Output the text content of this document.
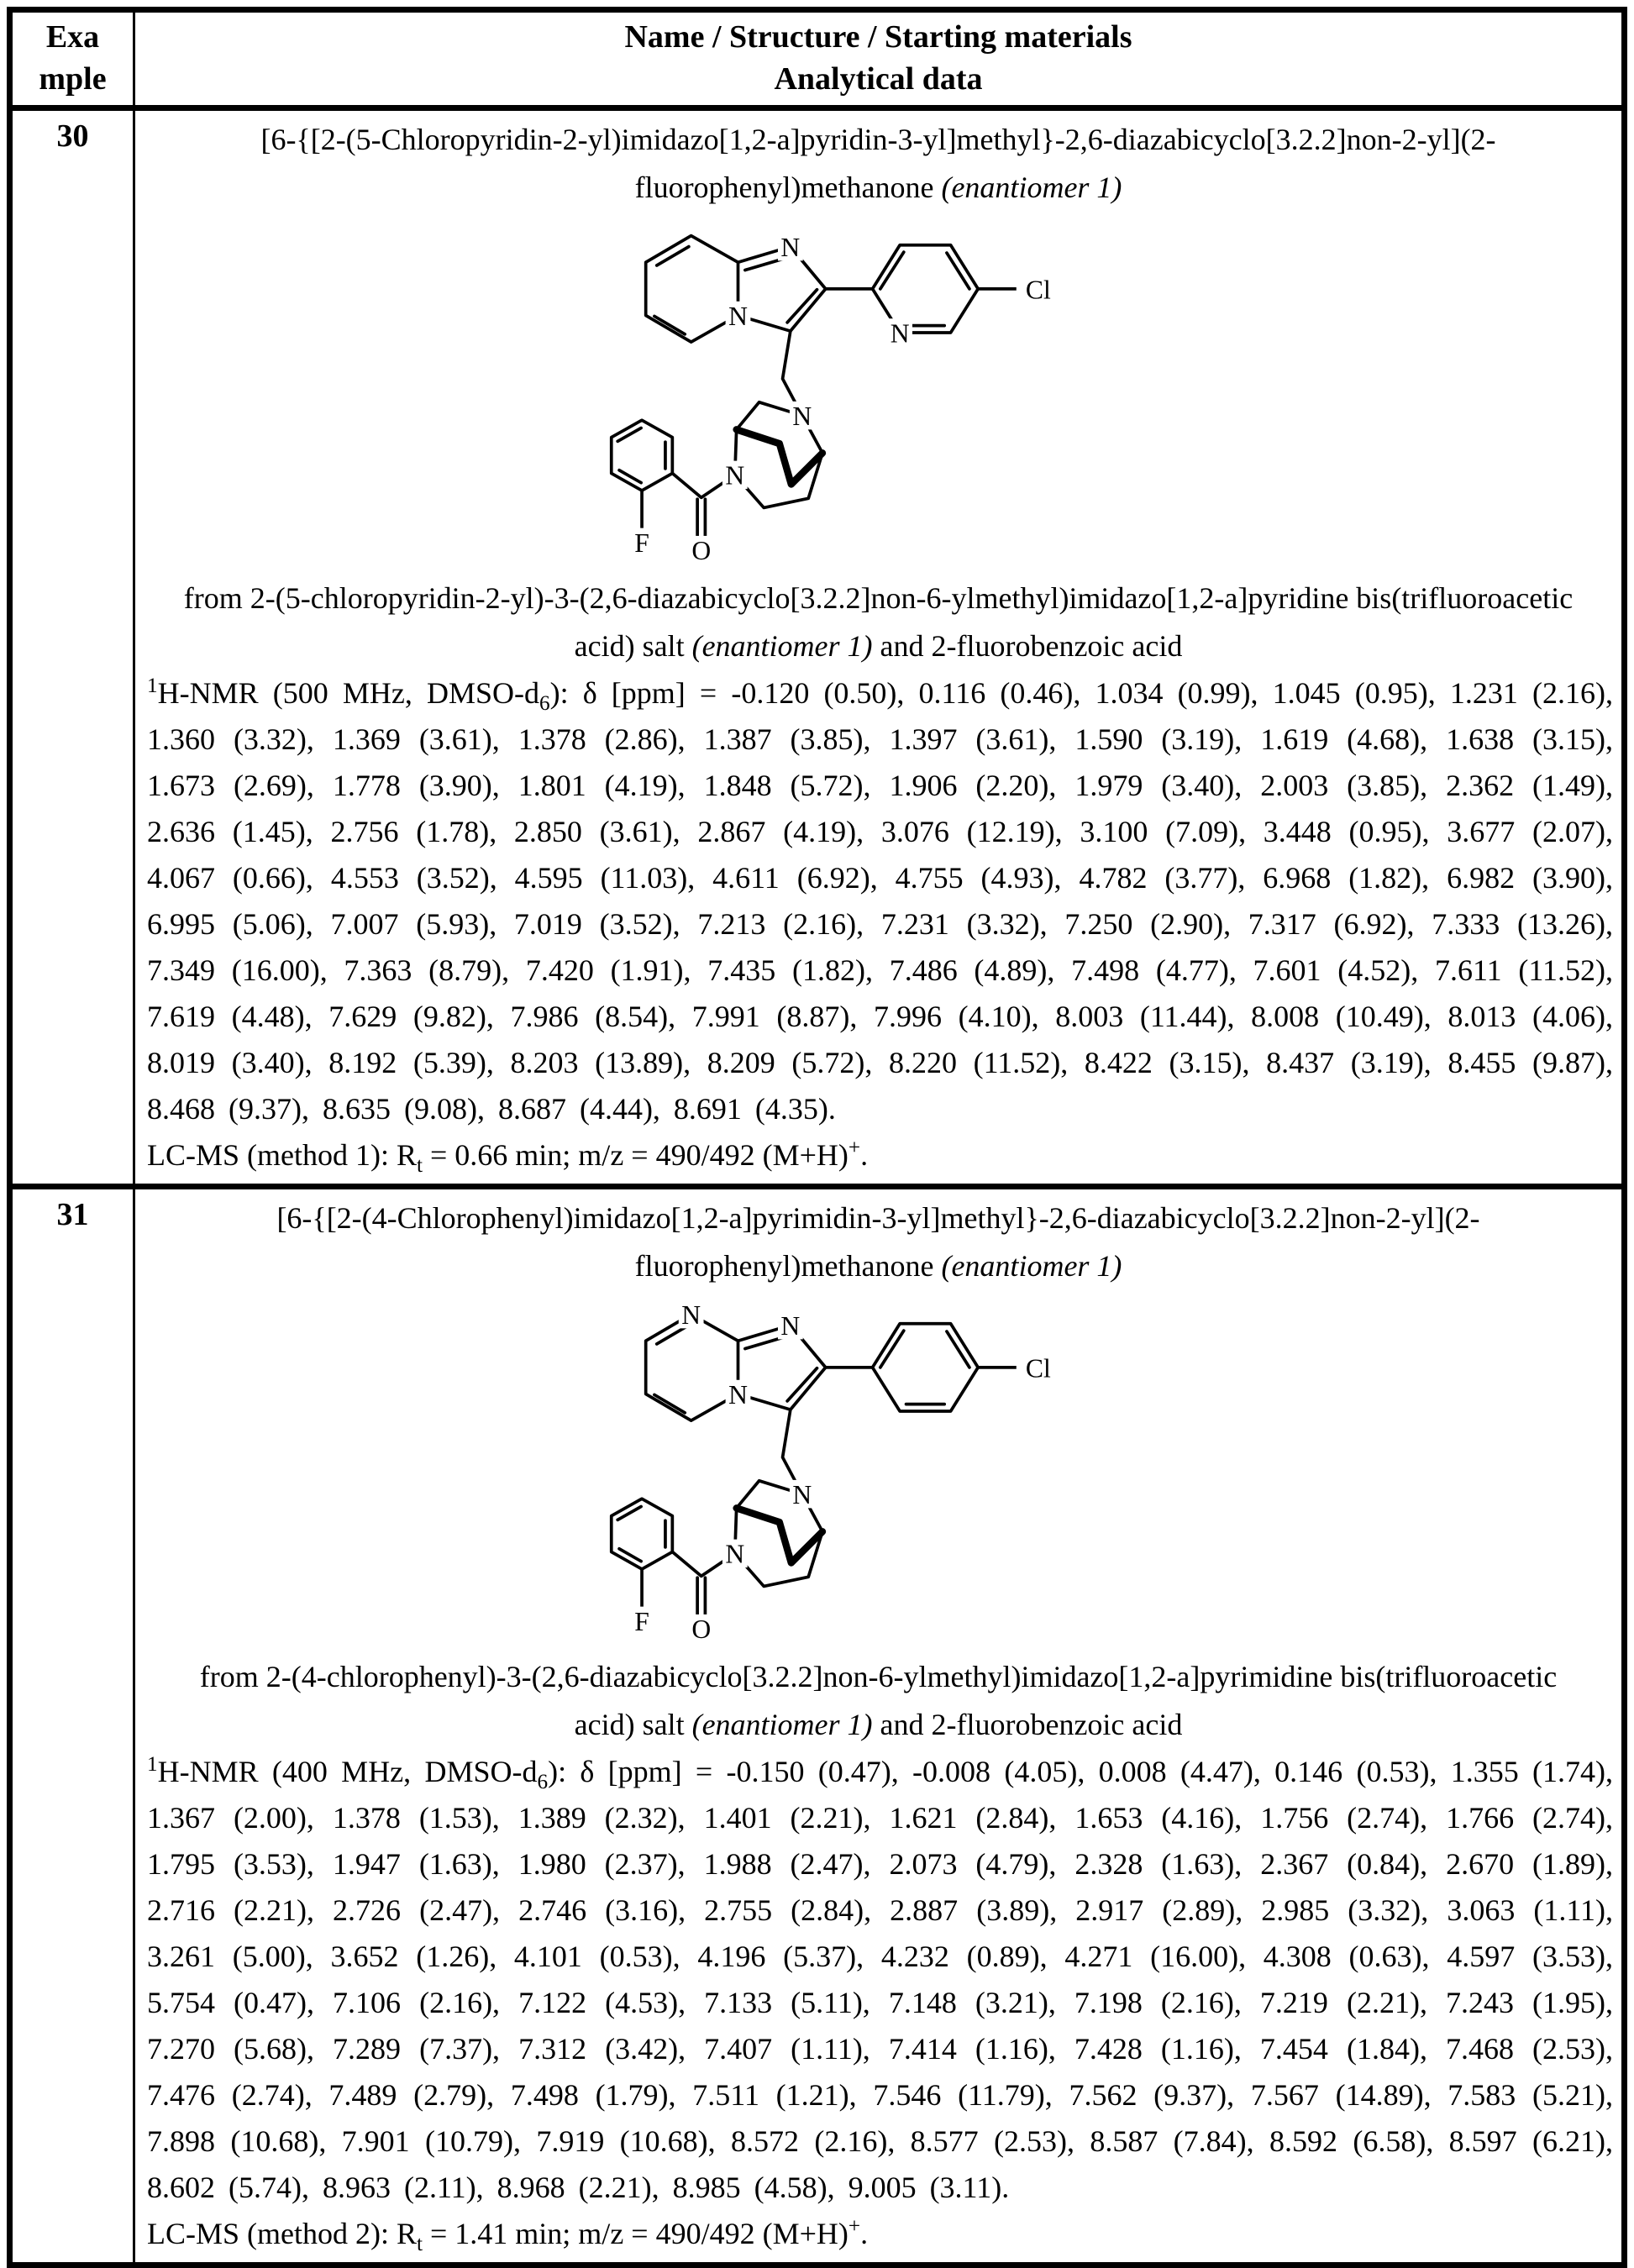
Exa
mple

Name / Structure / Starting materials
Analytical data

30	[6-{[2-(5-Chloropyridin-2-yl)imidazo[1,2-a]pyridin-3-yl]methyl}-2,6-diazabicyclo[3.2.2]non-2-yl](2-fluorophenyl)methanone (enantiomer 1)
N
N
N
Cl
N
N
O
F
from 2-(5-chloropyridin-2-yl)-3-(2,6-diazabicyclo[3.2.2]non-6-ylmethyl)imidazo[1,2-a]pyridine bis(trifluoroacetic acid) salt (enantiomer 1) and 2-fluorobenzoic acid
$^1$H-NMR (500 MHz, DMSO-$d_6$): δ [ppm] = -0.120 (0.50), 0.116 (0.46), 1.034 (0.99), 1.045 (0.95), 1.231 (2.16), 1.360 (3.32), 1.369 (3.61), 1.378 (2.86), 1.387 (3.85), 1.397 (3.61), 1.590 (3.19), 1.619 (4.68), 1.638 (3.15), 1.673 (2.69), 1.778 (3.90), 1.801 (4.19), 1.848 (5.72), 1.906 (2.20), 1.979 (3.40), 2.003 (3.85), 2.362 (1.49), 2.636 (1.45), 2.756 (1.78), 2.850 (3.61), 2.867 (4.19), 3.076 (12.19), 3.100 (7.09), 3.448 (0.95), 3.677 (2.07), 4.067 (0.66), 4.553 (3.52), 4.595 (11.03), 4.611 (6.92), 4.755 (4.93), 4.782 (3.77), 6.968 (1.82), 6.982 (3.90), 6.995 (5.06), 7.007 (5.93), 7.019 (3.52), 7.213 (2.16), 7.231 (3.32), 7.250 (2.90), 7.317 (6.92), 7.333 (13.26), 7.349 (16.00), 7.363 (8.79), 7.420 (1.91), 7.435 (1.82), 7.486 (4.89), 7.498 (4.77), 7.601 (4.52), 7.611 (11.52), 7.619 (4.48), 7.629 (9.82), 7.986 (8.54), 7.991 (8.87), 7.996 (4.10), 8.003 (11.44), 8.008 (10.49), 8.013 (4.06), 8.019 (3.40), 8.192 (5.39), 8.203 (13.89), 8.209 (5.72), 8.220 (11.52), 8.422 (3.15), 8.437 (3.19), 8.455 (9.87), 8.468 (9.37), 8.635 (9.08), 8.687 (4.44), 8.691 (4.35).
LC-MS (method 1): $R_t = 0.66$ min; m/z = 490/492 (M+H)+.

31	[6-{[2-(4-Chlorophenyl)imidazo[1,2-a]pyrimidin-3-yl]methyl}-2,6-diazabicyclo[3.2.2]non-2-yl](2-fluorophenyl)methanone (enantiomer 1)
N	N
N
Cl
N
N
O
F
from 2-(4-chlorophenyl)-3-(2,6-diazabicyclo[3.2.2]non-6-ylmethyl)imidazo[1,2-a]pyrimidine bis(trifluoroacetic acid) salt (enantiomer 1) and 2-fluorobenzoic acid
$^1$H-NMR (400 MHz, DMSO-$d_6$): δ [ppm] = -0.150 (0.47), -0.008 (4.05), 0.008 (4.47), 0.146 (0.53), 1.355 (1.74), 1.367 (2.00), 1.378 (1.53), 1.389 (2.32), 1.401 (2.21), 1.621 (2.84), 1.653 (4.16), 1.756 (2.74), 1.766 (2.74), 1.795 (3.53), 1.947 (1.63), 1.980 (2.37), 1.988 (2.47), 2.073 (4.79), 2.328 (1.63), 2.367 (0.84), 2.670 (1.89), 2.716 (2.21), 2.726 (2.47), 2.746 (3.16), 2.755 (2.84), 2.887 (3.89), 2.917 (2.89), 2.985 (3.32), 3.063 (1.11), 3.261 (5.00), 3.652 (1.26), 4.101 (0.53), 4.196 (5.37), 4.232 (0.89), 4.271 (16.00), 4.308 (0.63), 4.597 (3.53), 5.754 (0.47), 7.106 (2.16), 7.122 (4.53), 7.133 (5.11), 7.148 (3.21), 7.198 (2.16), 7.219 (2.21), 7.243 (1.95), 7.270 (5.68), 7.289 (7.37), 7.312 (3.42), 7.407 (1.11), 7.414 (1.16), 7.428 (1.16), 7.454 (1.84), 7.468 (2.53), 7.476 (2.74), 7.489 (2.79), 7.498 (1.79), 7.511 (1.21), 7.546 (11.79), 7.562 (9.37), 7.567 (14.89), 7.583 (5.21), 7.898 (10.68), 7.901 (10.79), 7.919 (10.68), 8.572 (2.16), 8.577 (2.53), 8.587 (7.84), 8.592 (6.58), 8.597 (6.21), 8.602 (5.74), 8.963 (2.11), 8.968 (2.21), 8.985 (4.58), 9.005 (3.11).
LC-MS (method 2): $R_t = 1.41$ min; m/z = 490/492 (M+H)+.
